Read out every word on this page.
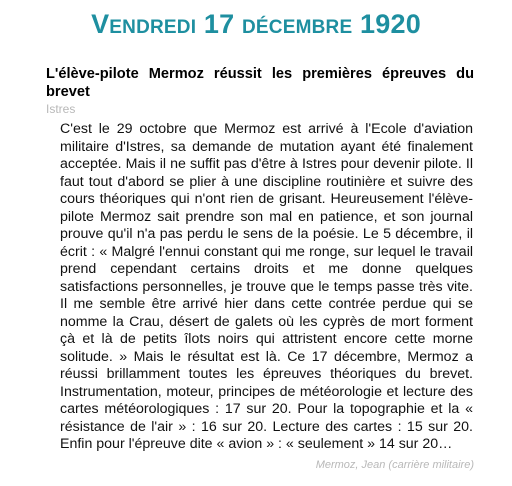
Vendredi 17 décembre 1920
L'élève-pilote Mermoz réussit les premières épreuves du brevet
Istres

C'est le 29 octobre que Mermoz est arrivé à l'Ecole d'aviation militaire d'Istres, sa demande de mutation ayant été finalement acceptée. Mais il ne suffit pas d'être à Istres pour devenir pilote. Il faut tout d'abord se plier à une discipline routinière et suivre des cours théoriques qui n'ont rien de grisant. Heureusement l'élève-pilote Mermoz sait prendre son mal en patience, et son journal prouve qu'il n'a pas perdu le sens de la poésie. Le 5 décembre, il écrit : « Malgré l'ennui constant qui me ronge, sur lequel le travail prend cependant certains droits et me donne quelques satisfactions personnelles, je trouve que le temps passe très vite. Il me semble être arrivé hier dans cette contrée perdue qui se nomme la Crau, désert de galets où les cyprès de mort forment çà et là de petits îlots noirs qui attristent encore cette morne solitude. » Mais le résultat est là. Ce 17 décembre, Mermoz a réussi brillamment toutes les épreuves théoriques du brevet. Instrumentation, moteur, principes de météorologie et lecture des cartes météorologiques : 17 sur 20. Pour la topographie et la « résistance de l'air » : 16 sur 20. Lecture des cartes : 15 sur 20. Enfin pour l'épreuve dite « avion » : « seulement » 14 sur 20…

Mermoz, Jean (carrière militaire)
